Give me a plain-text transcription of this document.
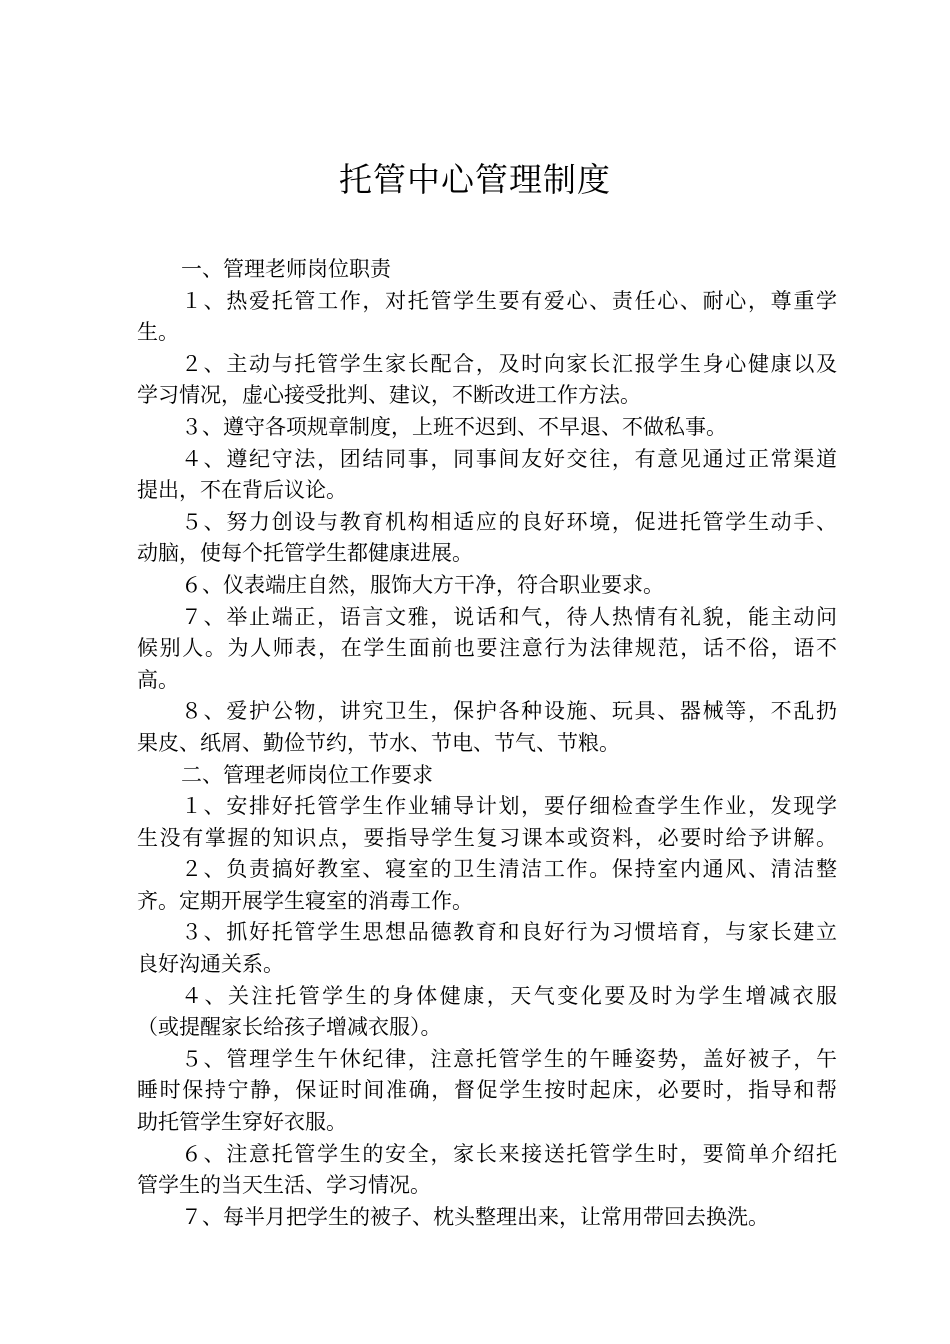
托管中心管理制度

一、管理老师岗位职责

１、热爱托管工作，对托管学生要有爱心、责任心、耐心，尊重学

生。

２、主动与托管学生家长配合，及时向家长汇报学生身心健康以及

学习情况，虚心接受批判、建议，不断改进工作方法。

３、遵守各项规章制度，上班不迟到、不早退、不做私事。

４、遵纪守法，团结同事，同事间友好交往，有意见通过正常渠道

提出，不在背后议论。

５、努力创设与教育机构相适应的良好环境，促进托管学生动手、

动脑，使每个托管学生都健康进展。

６、仪表端庄自然，服饰大方干净，符合职业要求。

７、举止端正，语言文雅，说话和气，待人热情有礼貌，能主动问

候别人。为人师表，在学生面前也要注意行为法律规范，话不俗，语不

高。

８、爱护公物，讲究卫生，保护各种设施、玩具、器械等，不乱扔

果皮、纸屑、勤俭节约，节水、节电、节气、节粮。

二、管理老师岗位工作要求

１、安排好托管学生作业辅导计划，要仔细检查学生作业，发现学

生没有掌握的知识点，要指导学生复习课本或资料，必要时给予讲解。

２、负责搞好教室、寝室的卫生清洁工作。保持室内通风、清洁整

齐。定期开展学生寝室的消毒工作。

３、抓好托管学生思想品德教育和良好行为习惯培育，与家长建立

良好沟通关系。

４、关注托管学生的身体健康，天气变化要及时为学生增减衣服

（或提醒家长给孩子增减衣服）。

５、管理学生午休纪律，注意托管学生的午睡姿势，盖好被子，午

睡时保持宁静，保证时间准确，督促学生按时起床，必要时，指导和帮

助托管学生穿好衣服。

６、注意托管学生的安全，家长来接送托管学生时，要简单介绍托

管学生的当天生活、学习情况。

７、每半月把学生的被子、枕头整理出来，让常用带回去换洗。
